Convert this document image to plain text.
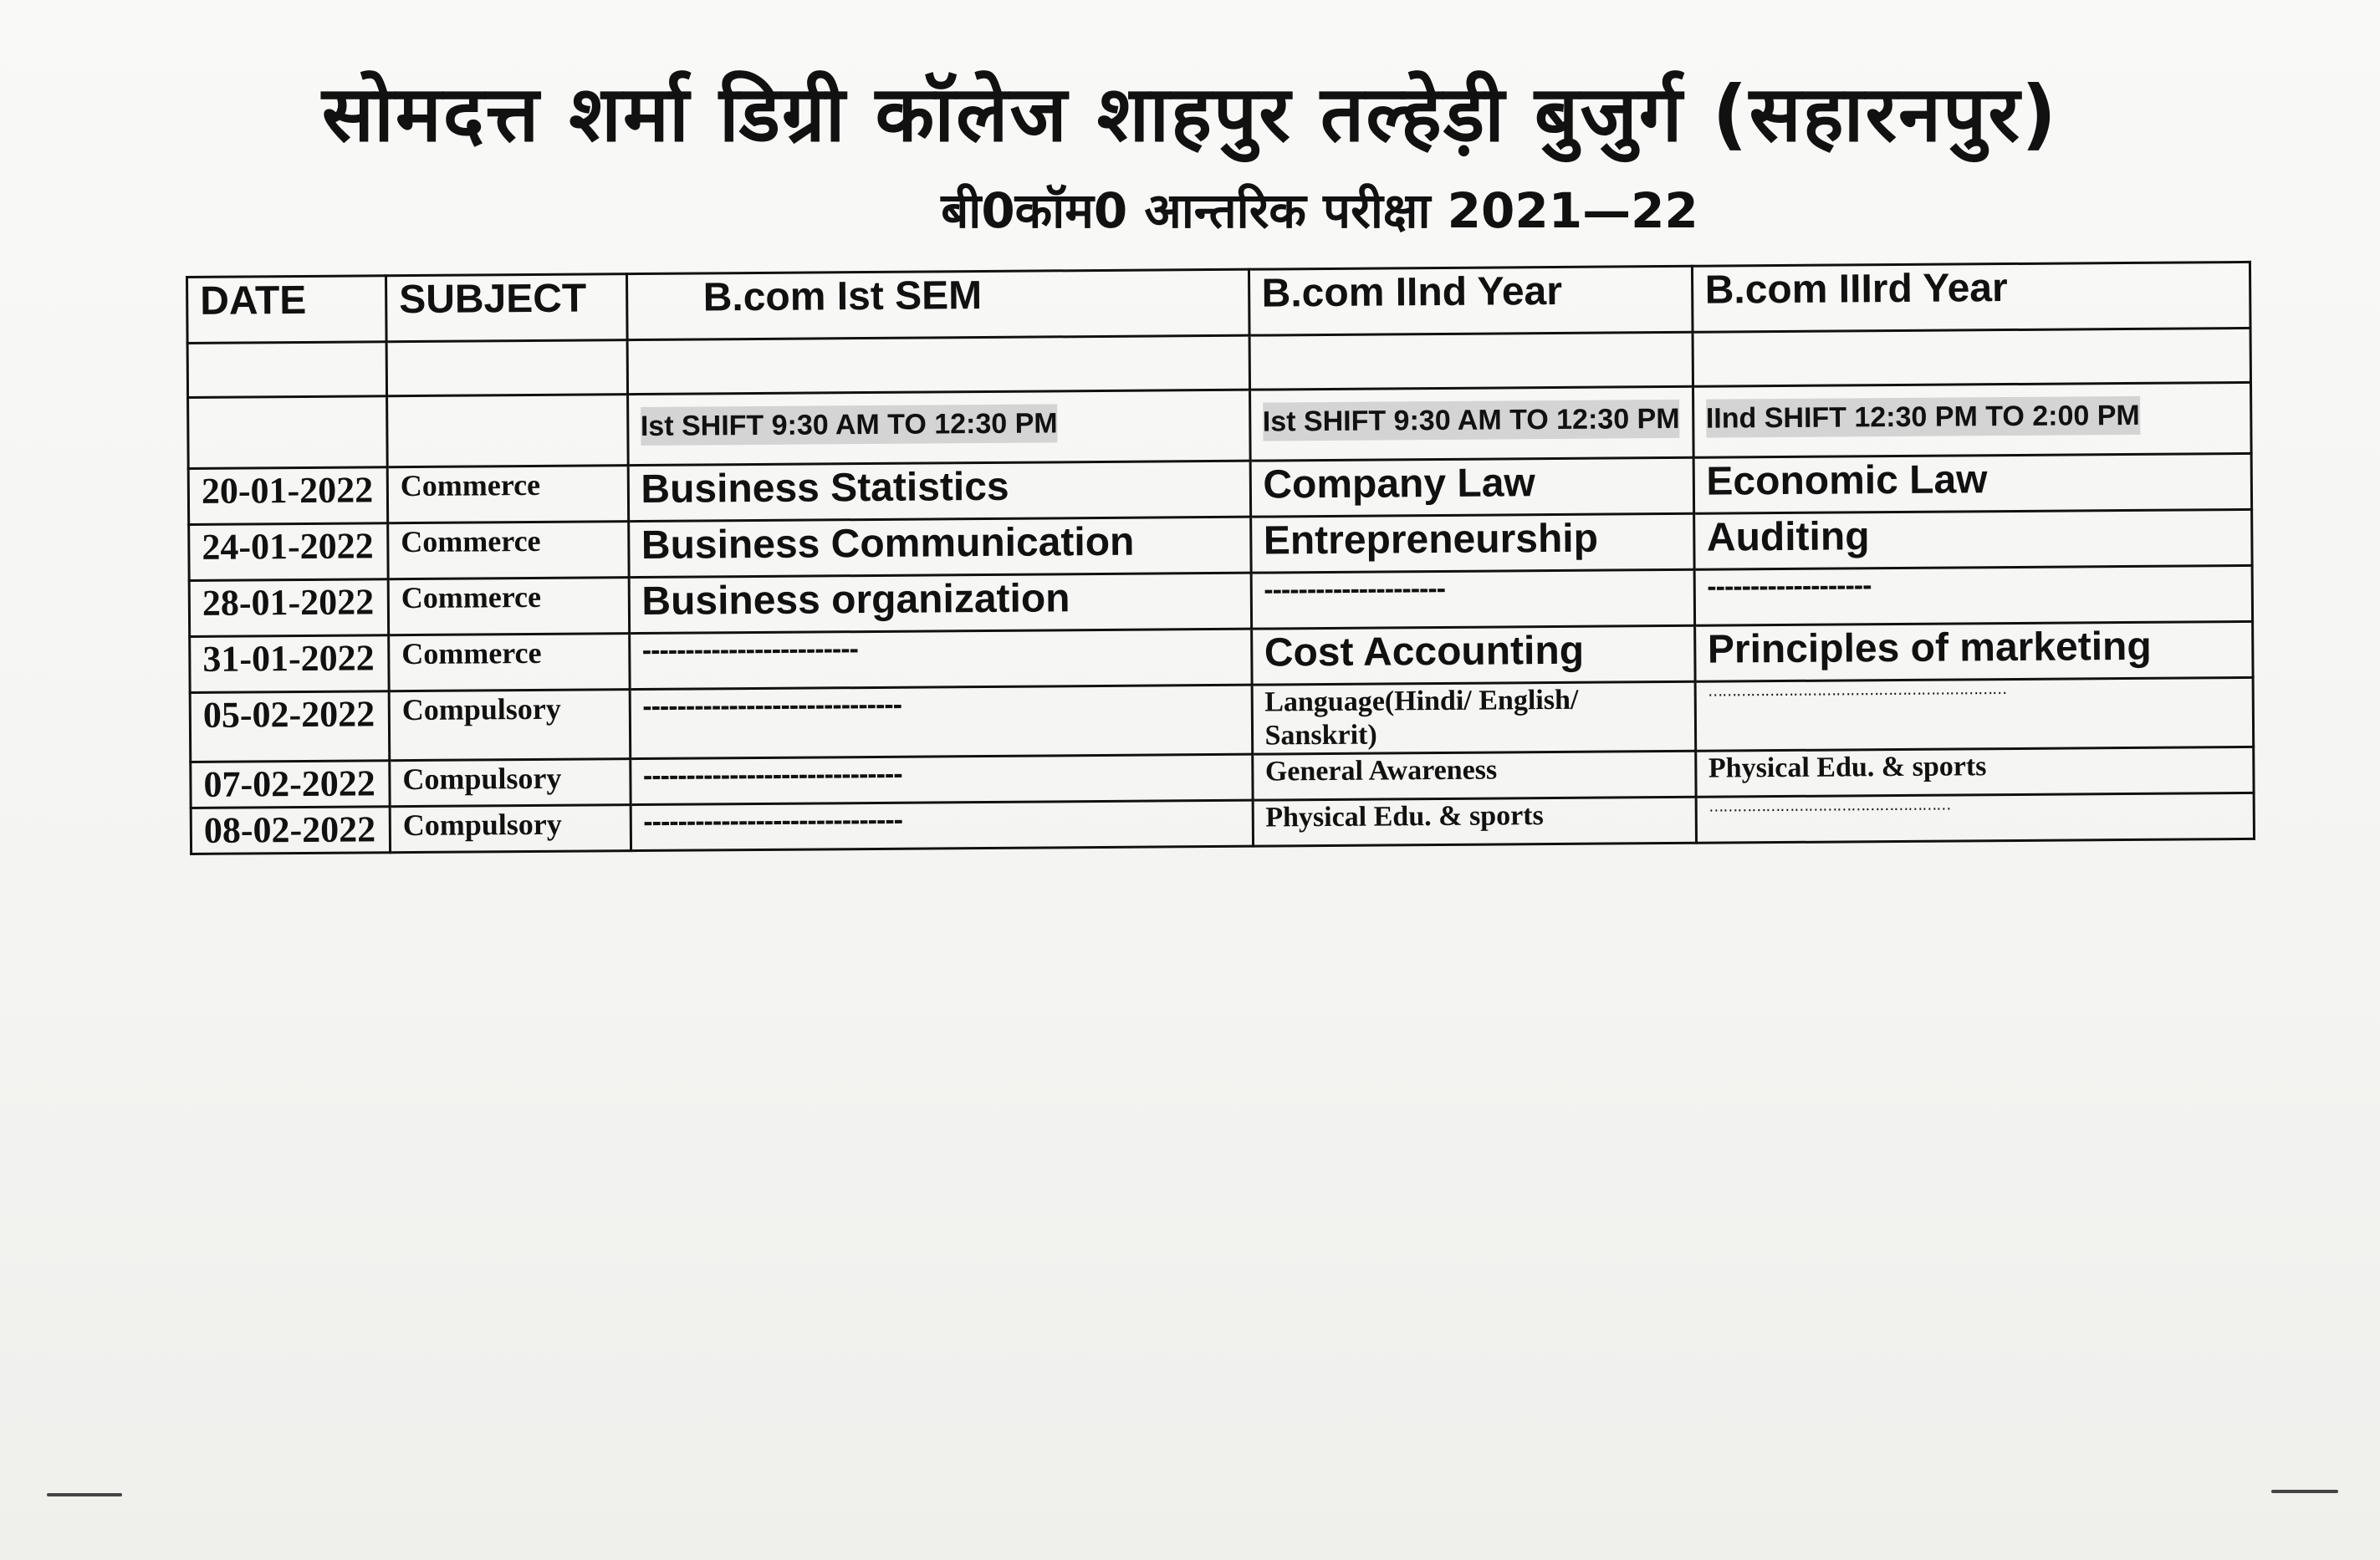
सोमदत्त शर्मा डिग्री कॉलेज शाहपुर तल्हेड़ी बुजुर्ग (सहारनपुर)
बी0कॉम0 आन्तरिक परीक्षा 2021—22
DATE	SUBJECT	B.com Ist SEM	B.com IInd Year	B.com IIIrd Year

		Ist SHIFT 9:30 AM TO 12:30 PM	Ist SHIFT 9:30 AM TO 12:30 PM	IInd SHIFT 12:30 PM TO 2:00 PM
20-01-2022	Commerce	Business Statistics	Company Law	Economic Law
24-01-2022	Commerce	Business Communication	Entrepreneurship	Auditing
28-01-2022	Commerce	Business organization	---------------------	-------------------
31-01-2022	Commerce	-------------------------	Cost Accounting	Principles of marketing
05-02-2022	Compulsory	------------------------------	Language(Hindi/ English/ Sanskrit)	………………………………………………………
07-02-2022	Compulsory	------------------------------	General Awareness	Physical Edu. & sports
08-02-2022	Compulsory	------------------------------	Physical Edu. & sports	……………………………………………
